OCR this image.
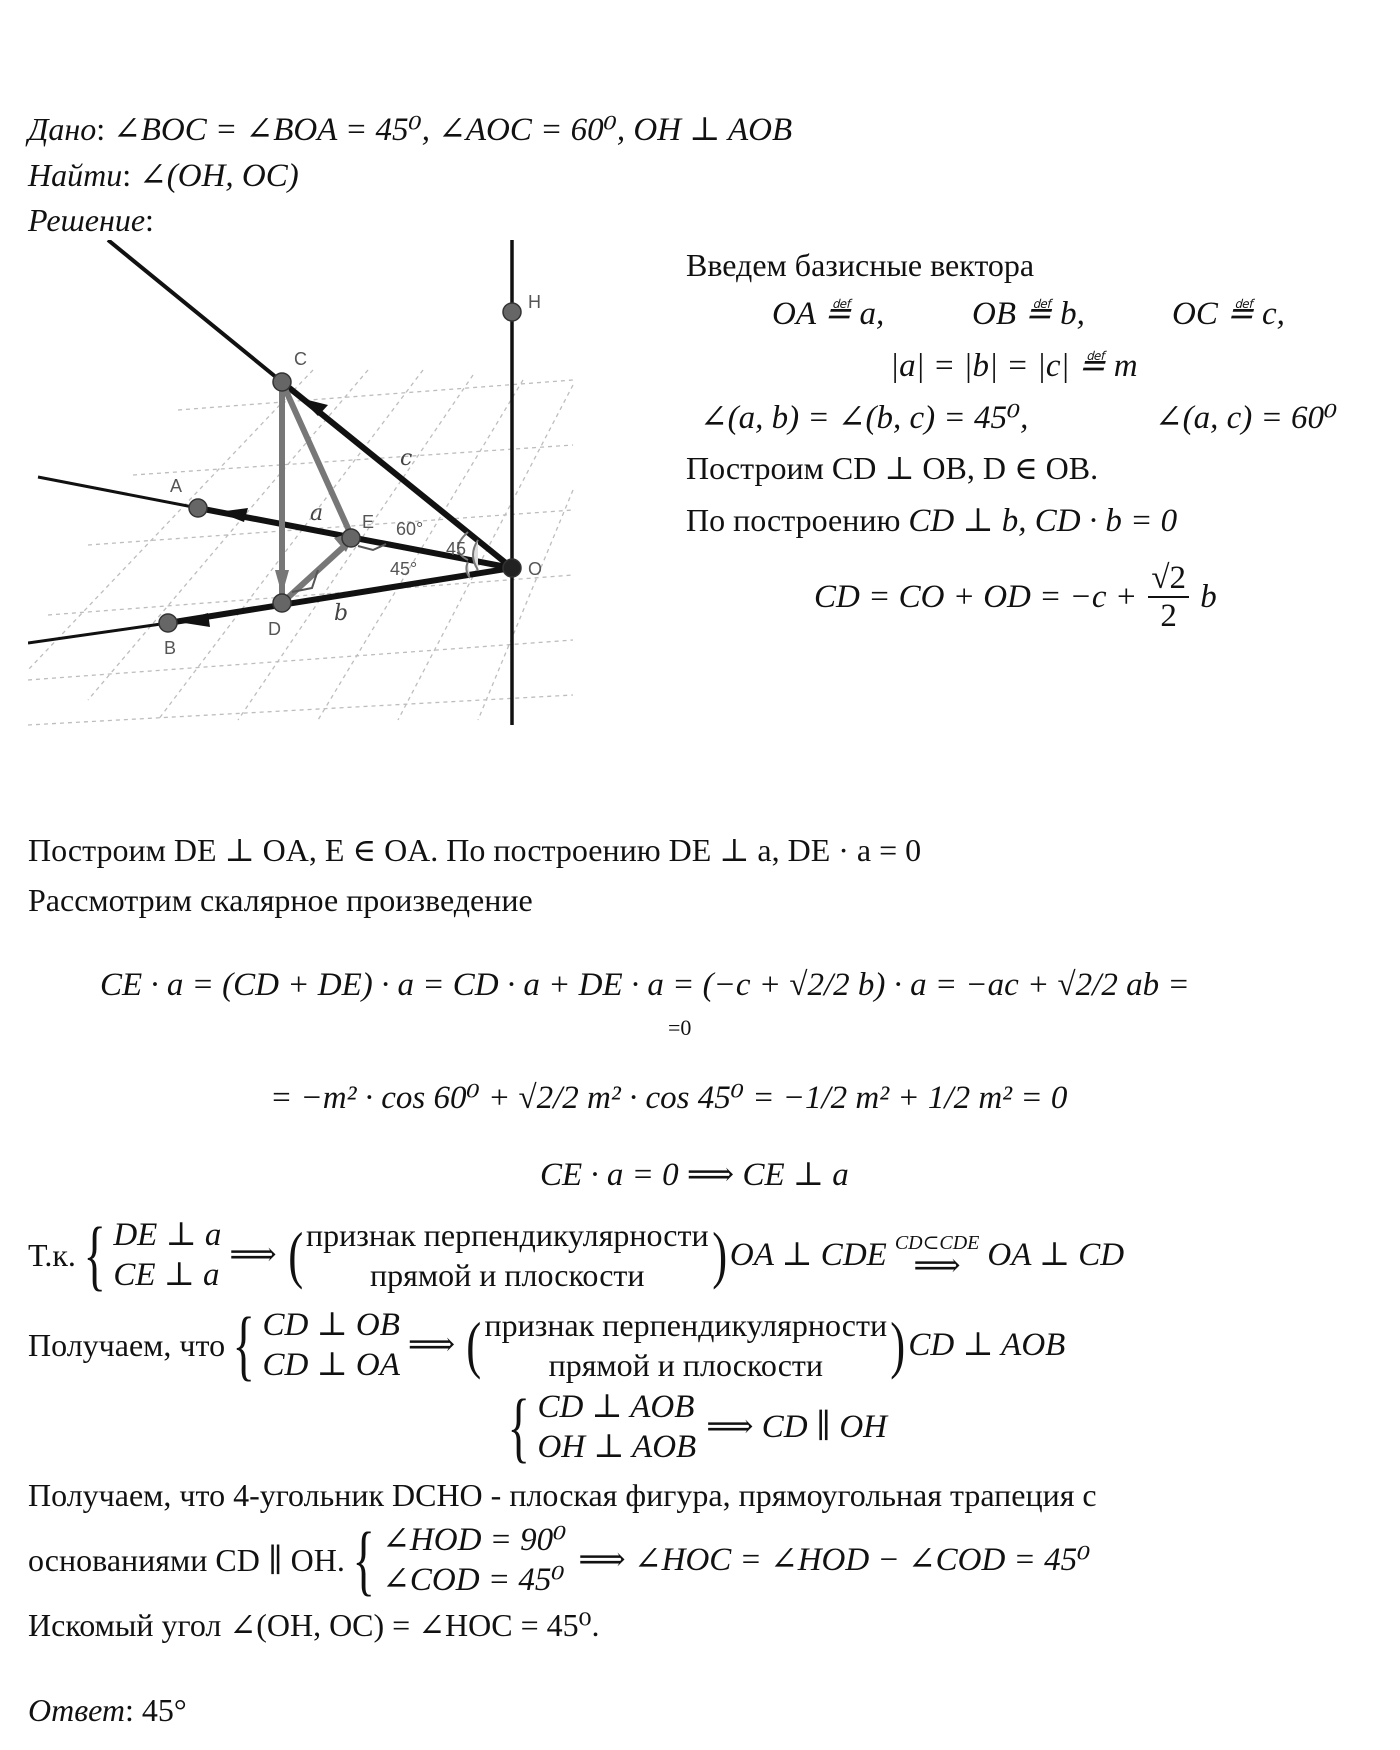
Дано: ∠BOC = ∠BOA = 45⁰, ∠AOC = 60⁰, OH ⊥ AOB
Найти: ∠(OH, OC)
Решение:
H
C
A
E
O
D
B
60°
45
45°
c
a
b
Введем базисные вектора
OA ≝ a,	OB ≝ b,	OC ≝ c,
|a| = |b| = |c| ≝ m
∠(a, b) = ∠(b, c) = 45⁰,	∠(a, c) = 60⁰
Построим CD ⊥ OB, D ∈ OB.
По построению CD ⊥ b, CD · b = 0
CD = CO + OD = $-c + \frac{√2}{2}$ b
Построим DE ⊥ OA, E ∈ OA. По построению DE ⊥ a, DE · a = 0
Рассмотрим скалярное произведение
CE · a = (CD + DE) · a = CD · a + DE · a = (−c + √2/2 b) · a = −ac + √2/2 ab =
=0
= −m² · cos 60⁰ + √2/2 m² · cos 45⁰ = −1/2 m² + 1/2 m² = 0
CE · a = 0 ⟹ CE ⊥ a
Т.к. { DE ⊥ a
CE ⊥ a
⟹ ( признак перпендикулярности
прямой и плоскости	) OA ⊥ CDE CD⊂CDE
⟹ OA ⊥ CD
Получаем, что { CD ⊥ OB
CD ⊥ OA
⟹ ( признак перпендикулярности
прямой и плоскости	) CD ⊥ AOB
{ CD ⊥ AOB
OH ⊥ AOB
⟹ CD ∥ OH
Получаем, что 4-угольник DCHO - плоская фигура, прямоугольная трапеция с
основаниями CD ∥ OH. { ∠HOD = 90⁰
∠COD = 45⁰
⟹ ∠HOC = ∠HOD − ∠COD = 45⁰
Искомый угол ∠(OH, OC) = ∠HOC = 45⁰.
Ответ: 45°
